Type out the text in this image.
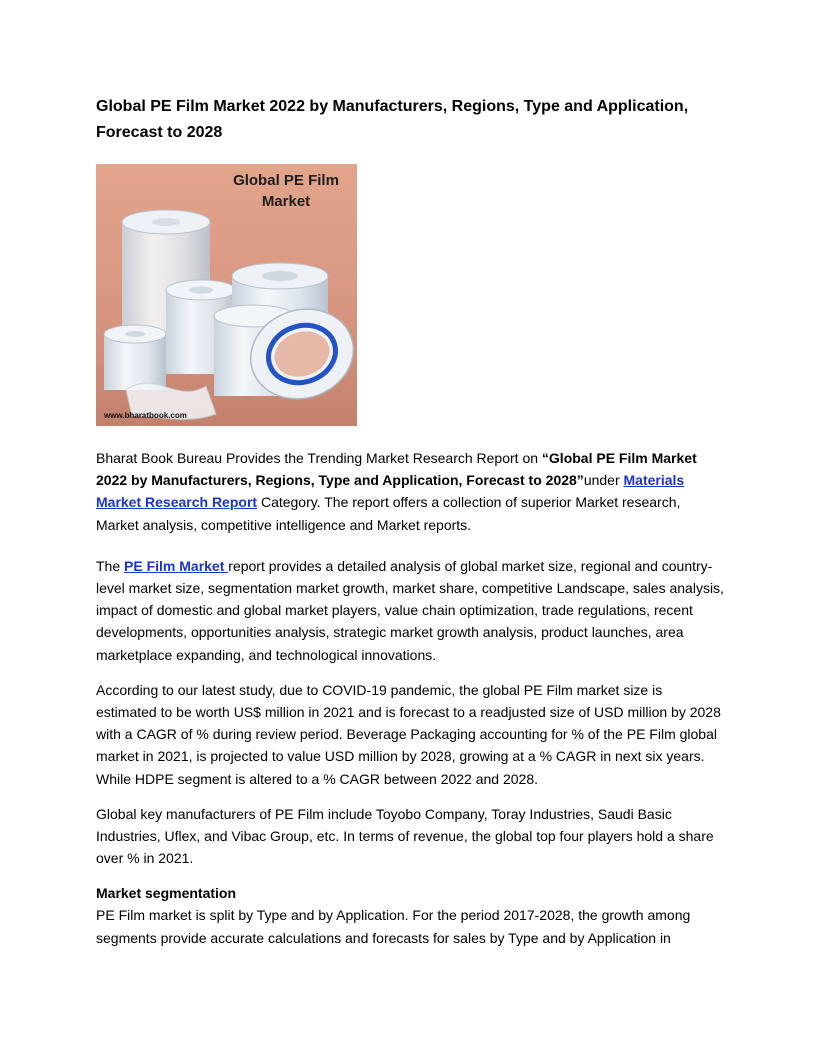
Global PE Film Market 2022 by Manufacturers, Regions, Type and Application, Forecast to 2028
Global PE Film
Market
www.bharatbook.com

Bharat Book Bureau Provides the Trending Market Research Report on “Global PE Film Market 2022 by Manufacturers, Regions, Type and Application, Forecast to 2028”under Materials Market Research Report Category. The report offers a collection of superior Market research, Market analysis, competitive intelligence and Market reports.

The PE Film Market report provides a detailed analysis of global market size, regional and country-level market size, segmentation market growth, market share, competitive Landscape, sales analysis, impact of domestic and global market players, value chain optimization, trade regulations, recent developments, opportunities analysis, strategic market growth analysis, product launches, area marketplace expanding, and technological innovations.

According to our latest study, due to COVID-19 pandemic, the global PE Film market size is estimated to be worth US$ million in 2021 and is forecast to a readjusted size of USD million by 2028 with a CAGR of % during review period. Beverage Packaging accounting for % of the PE Film global market in 2021, is projected to value USD million by 2028, growing at a % CAGR in next six years. While HDPE segment is altered to a % CAGR between 2022 and 2028.

Global key manufacturers of PE Film include Toyobo Company, Toray Industries, Saudi Basic Industries, Uflex, and Vibac Group, etc. In terms of revenue, the global top four players hold a share over % in 2021.

Market segmentation

PE Film market is split by Type and by Application. For the period 2017-2028, the growth among segments provide accurate calculations and forecasts for sales by Type and by Application in
